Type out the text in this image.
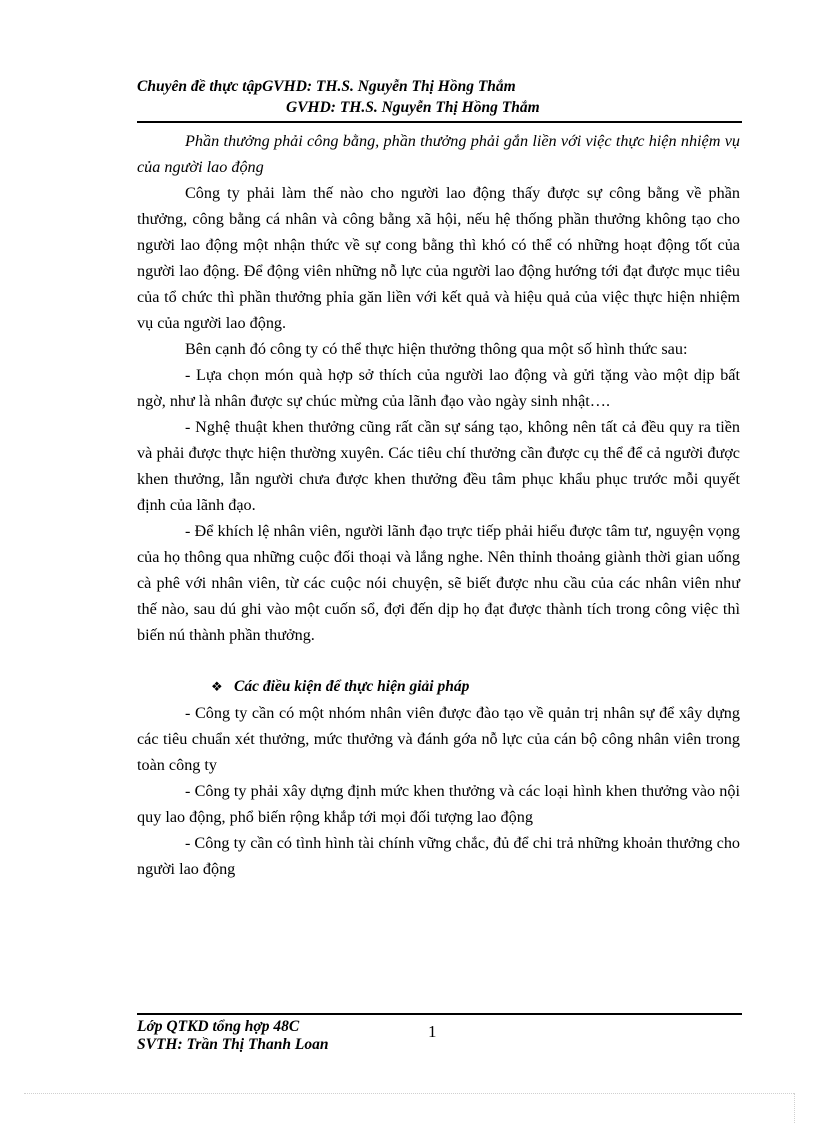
Chuyên đề thực tậpGVHD: TH.S. Nguyễn Thị Hồng Thắm
GVHD: TH.S. Nguyễn Thị Hồng Thắm

Phần thưởng phải công bằng, phần thưởng phải gắn liền với việc thực hiện nhiệm vụ của người lao động

Công ty phải làm thế nào cho người lao động thấy được sự công bằng về phần thưởng, công bằng cá nhân và công bằng xã hội, nếu hệ thống phần thưởng không tạo cho người lao động một nhận thức về sự cong bằng thì khó có thể có những hoạt động tốt của người lao động. Để động viên những nỗ lực của người lao động hướng tới đạt được mục tiêu của tổ chức thì phần thưởng phỉa găn liền với kết quả và hiệu quả của việc thực hiện nhiệm vụ của người lao động.

Bên cạnh đó công ty có thể thực hiện thưởng thông qua một số hình thức sau:

- Lựa chọn món quà hợp sở thích của người lao động và gửi tặng vào một dịp bất ngờ, như là nhân được sự chúc mừng của lãnh đạo vào ngày sinh nhật….

- Nghệ thuật khen thưởng cũng rất cần sự sáng tạo, không nên tất cả đều quy ra tiền và phải được thực hiện thường xuyên. Các tiêu chí thưởng cần được cụ thể để cả người được khen thưởng, lẫn người chưa được khen thưởng đều tâm phục khẩu phục trước mỗi quyết định của lãnh đạo.

- Để khích lệ nhân viên, người lãnh đạo trực tiếp phải hiểu được tâm tư, nguyện vọng của họ thông qua những cuộc đối thoại và lắng nghe. Nên thỉnh thoảng giành thời gian uống cà phê với nhân viên, từ các cuộc nói chuyện, sẽ biết được nhu cầu của các nhân viên như thế nào, sau dú ghi vào một cuốn sổ, đợi đến dịp họ đạt được thành tích trong công việc thì biến nú thành phần thưởng.

❖ Các điều kiện để thực hiện giải pháp

- Công ty cần có một nhóm nhân viên được đào tạo về quản trị nhân sự để xây dựng các tiêu chuẩn xét thưởng, mức thưởng và đánh gớa nỗ lực của cán bộ công nhân viên trong toàn công ty

- Công ty phải xây dựng định mức khen thưởng và các loại hình khen thưởng vào nội quy lao động, phổ biến rộng khắp tới mọi đối tượng lao động

- Công ty cần có tình hình tài chính vững chắc, đủ để chi trả những khoản thưởng cho người lao động

Lớp QTKD tổng hợp 48C
SVTH: Trần Thị Thanh Loan
1
